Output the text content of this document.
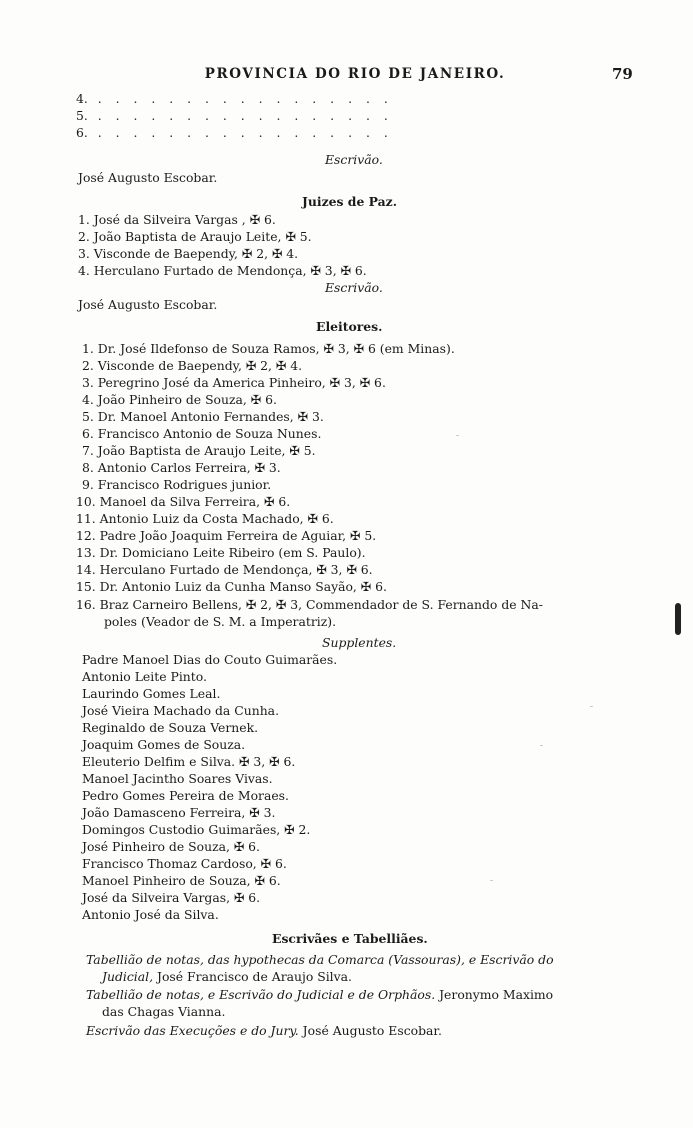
PROVINCIA DO RIO DE JANEIRO.	79
4. . . . . . . . . . . . . . . . . .
5. . . . . . . . . . . . . . . . . .
6. . . . . . . . . . . . . . . . . .
Escrivão.
José Augusto Escobar.
Juizes de Paz.
1. José da Silveira Vargas , ✠ 6.
2. João Baptista de Araujo Leite, ✠ 5.
3. Visconde de Baependy, ✠ 2, ✠ 4.
4. Herculano Furtado de Mendonça, ✠ 3, ✠ 6.
Escrivão.
José Augusto Escobar.
Eleitores.
1. Dr. José Ildefonso de Souza Ramos, ✠ 3, ✠ 6 (em Minas).
2. Visconde de Baependy, ✠ 2, ✠ 4.
3. Peregrino José da America Pinheiro, ✠ 3, ✠ 6.
4. João Pinheiro de Souza, ✠ 6.
5. Dr. Manoel Antonio Fernandes, ✠ 3.
6. Francisco Antonio de Souza Nunes.
7. João Baptista de Araujo Leite, ✠ 5.
8. Antonio Carlos Ferreira, ✠ 3.
9. Francisco Rodrigues junior.
10. Manoel da Silva Ferreira, ✠ 6.
11. Antonio Luiz da Costa Machado, ✠ 6.
12. Padre João Joaquim Ferreira de Aguiar, ✠ 5.
13. Dr. Domiciano Leite Ribeiro (em S. Paulo).
14. Herculano Furtado de Mendonça, ✠ 3, ✠ 6.
15. Dr. Antonio Luiz da Cunha Manso Sayão, ✠ 6.
16. Braz Carneiro Bellens, ✠ 2, ✠ 3, Commendador de S. Fernando de Na-
poles (Veador de S. M. a Imperatriz).
Supplentes.
Padre Manoel Dias do Couto Guimarães.
Antonio Leite Pinto.
Laurindo Gomes Leal.
José Vieira Machado da Cunha.
Reginaldo de Souza Vernek.
Joaquim Gomes de Souza.
Eleuterio Delfim e Silva. ✠ 3, ✠ 6.
Manoel Jacintho Soares Vivas.
Pedro Gomes Pereira de Moraes.
João Damasceno Ferreira, ✠ 3.
Domingos Custodio Guimarães, ✠ 2.
José Pinheiro de Souza, ✠ 6.
Francisco Thomaz Cardoso, ✠ 6.
Manoel Pinheiro de Souza, ✠ 6.
José da Silveira Vargas, ✠ 6.
Antonio José da Silva.
Escrivães e Tabelliães.
Tabellião de notas, das hypothecas da Comarca (Vassouras), e Escrivão do
Judicial, José Francisco de Araujo Silva.
Tabellião de notas, e Escrivão do Judicial e de Orphãos. Jeronymo Maximo
das Chagas Vianna.
Escrivão das Execuções e do Jury. José Augusto Escobar.
